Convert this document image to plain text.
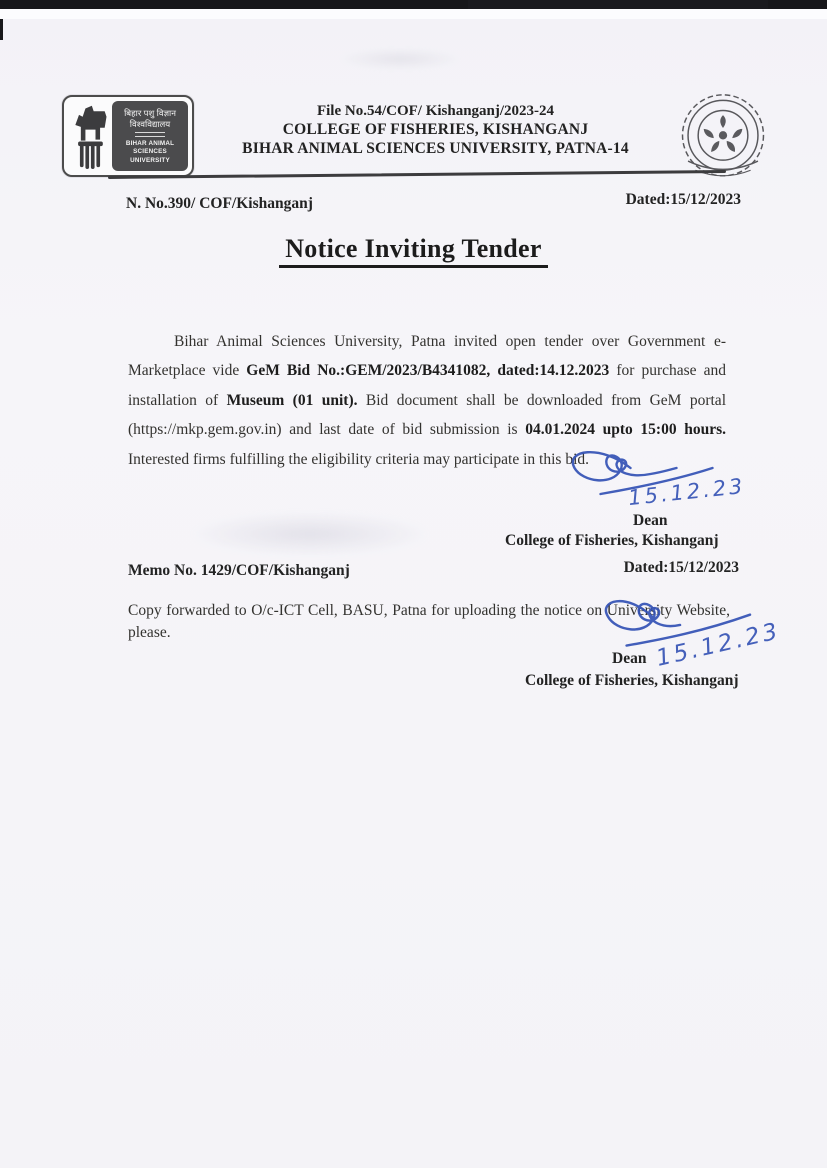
बिहार पशु विज्ञान
विश्वविद्यालय
BIHAR ANIMAL SCIENCES
UNIVERSITY
File No.54/COF/ Kishanganj/2023-24
COLLEGE OF FISHERIES, KISHANGANJ
BIHAR ANIMAL SCIENCES UNIVERSITY, PATNA-14
N. No.390/ COF/Kishanganj	Dated:15/12/2023
Notice Inviting Tender

Bihar Animal Sciences University, Patna invited open tender over Government e-Marketplace vide GeM Bid No.:GEM/2023/B4341082, dated:14.12.2023 for purchase and installation of Museum (01 unit). Bid document shall be downloaded from GeM portal (https://mkp.gem.gov.in) and last date of bid submission is 04.01.2024 upto 15:00 hours. Interested firms fulfilling the eligibility criteria may participate in this bid.

15.12.23
Dean
College of Fisheries, Kishanganj
Memo No. 1429/COF/Kishanganj	Dated:15/12/2023

Copy forwarded to O/c-ICT Cell, BASU, Patna for uploading the notice on University Website, please.

Dean 15.12.23
College of Fisheries, Kishanganj
